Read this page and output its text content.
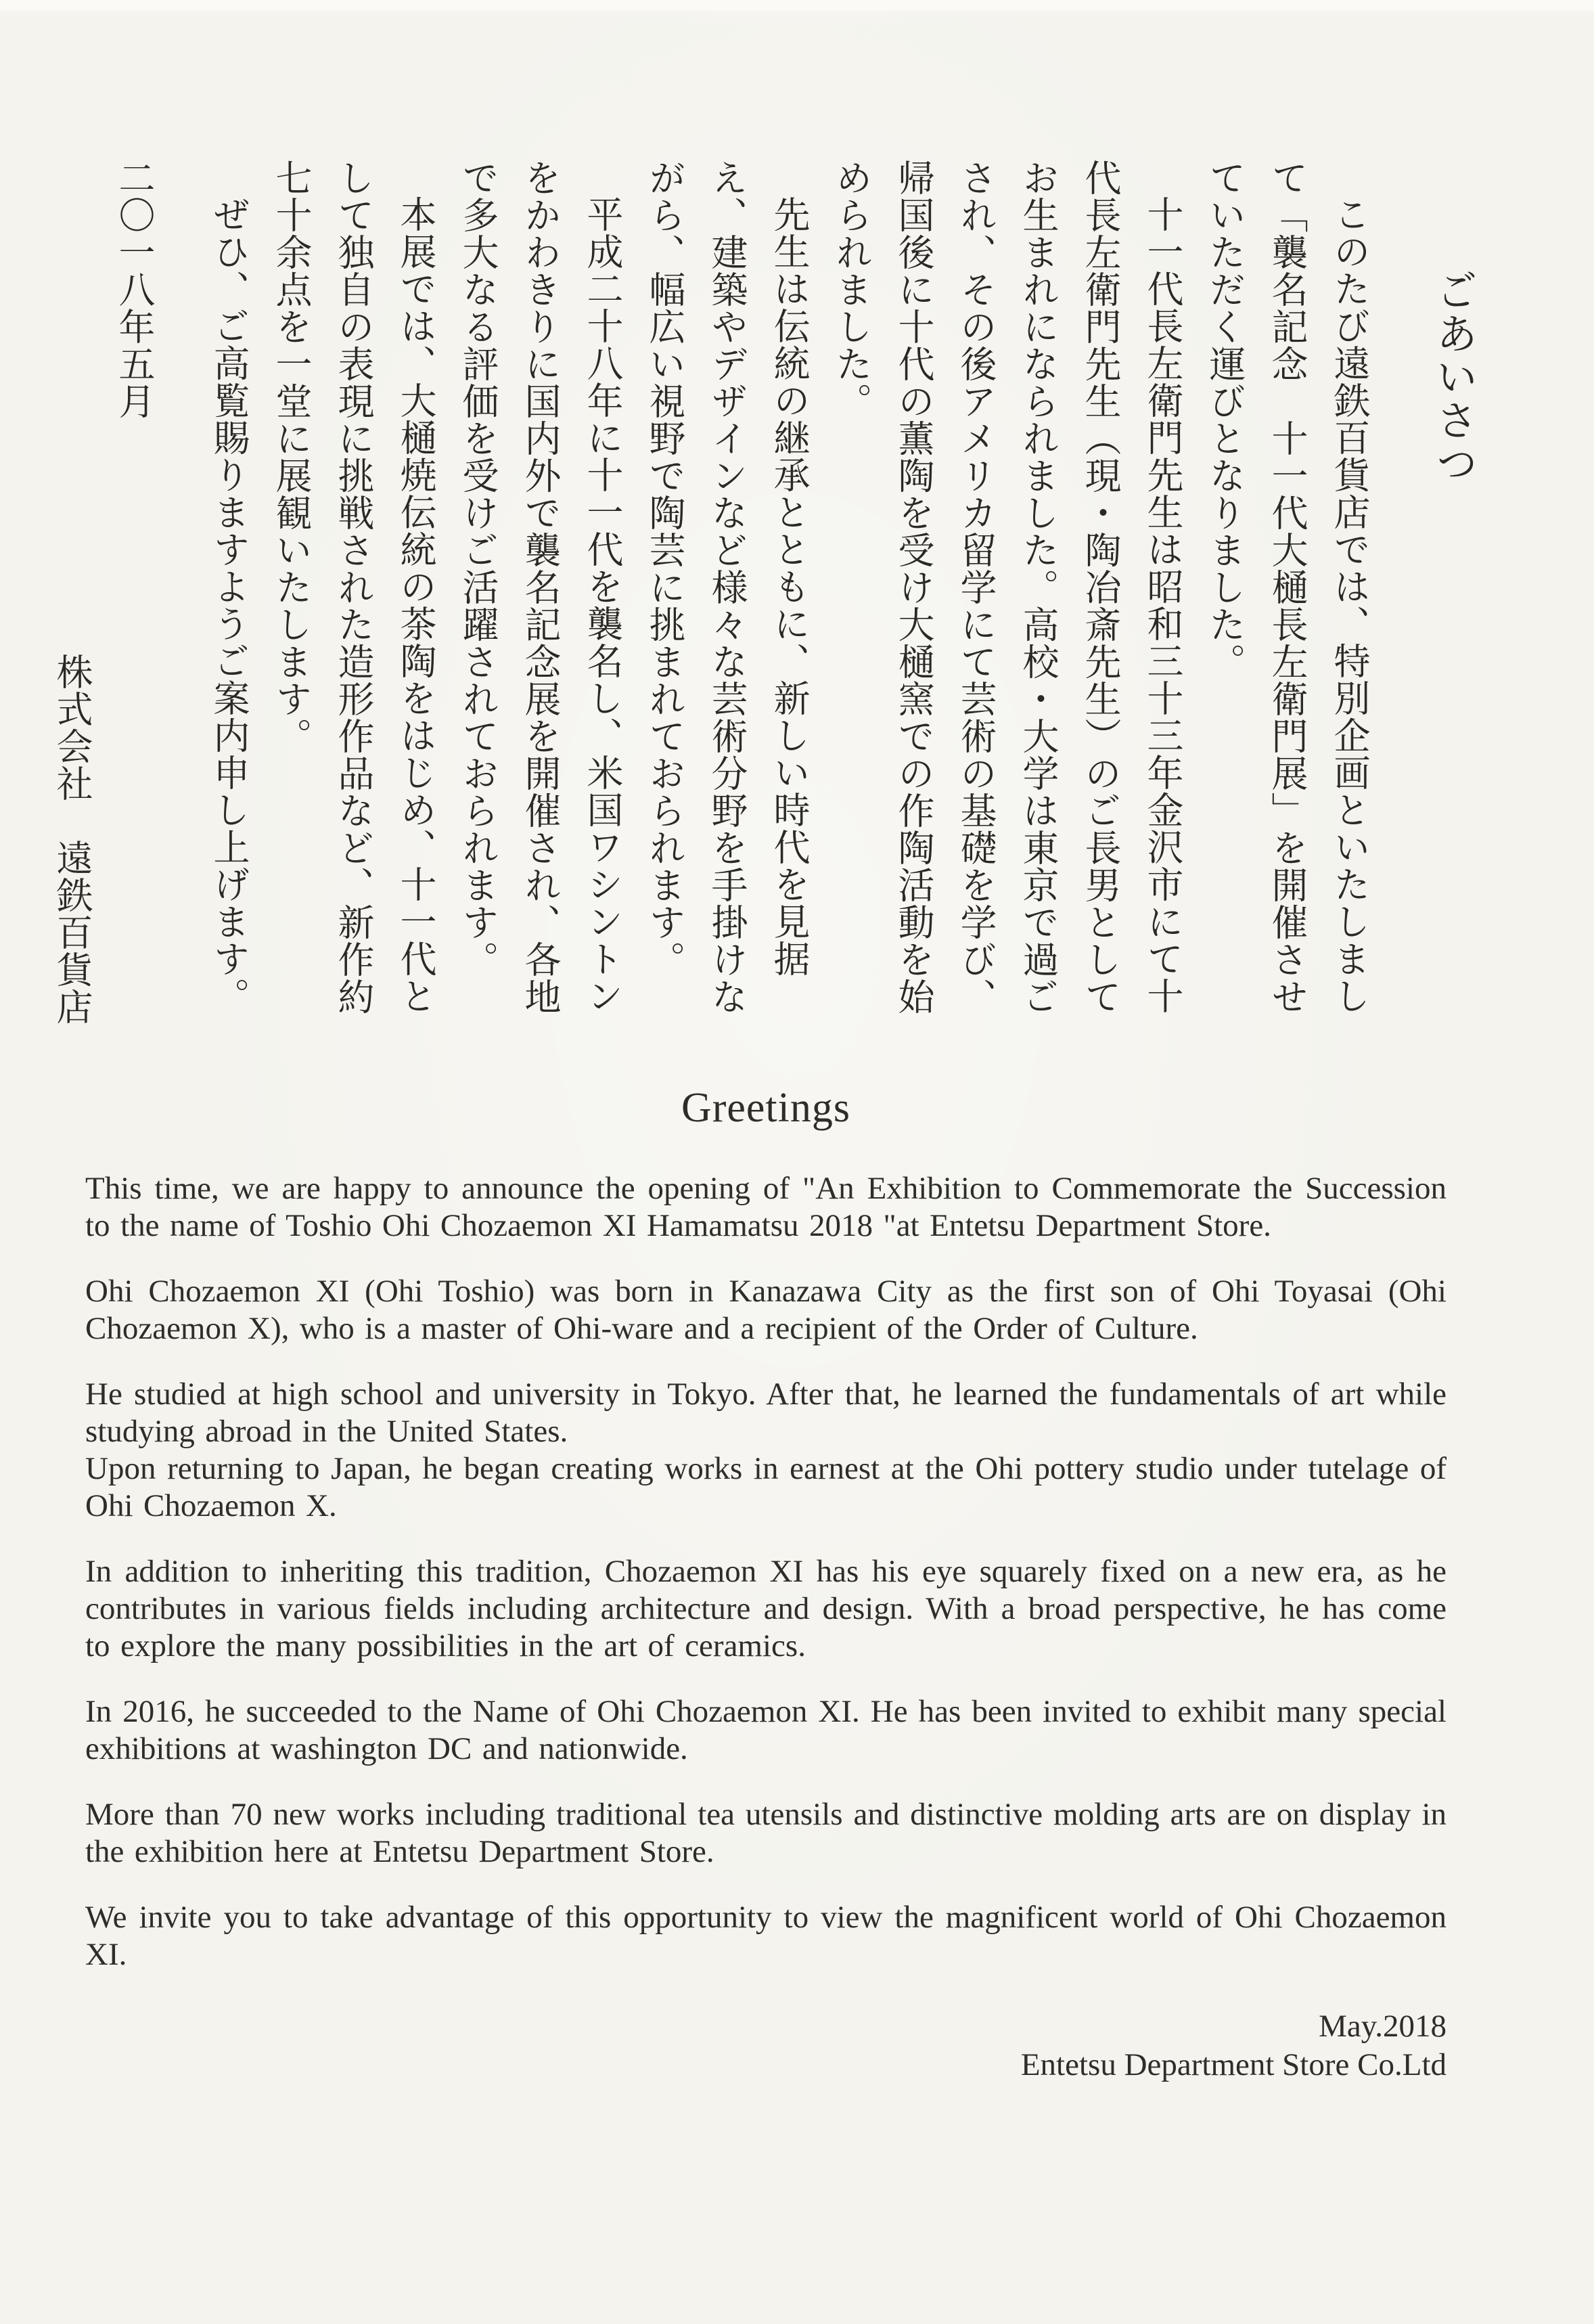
ごあいさつ

このたび遠鉄百貨店では、特別企画といたしまして「襲名記念　十一代大樋長左衛門展」を開催させていただく運びとなりました。

十一代長左衛門先生は昭和三十三年金沢市にて十代長左衛門先生（現・陶冶斎先生）のご長男としてお生まれになられました。高校・大学は東京で過ごされ、その後アメリカ留学にて芸術の基礎を学び、帰国後に十代の薫陶を受け大樋窯での作陶活動を始められました。

先生は伝統の継承とともに、新しい時代を見据え、建築やデザインなど様々な芸術分野を手掛けながら、幅広い視野で陶芸に挑まれておられます。

平成二十八年に十一代を襲名し、米国ワシントンをかわきりに国内外で襲名記念展を開催され、各地で多大なる評価を受けご活躍されておられます。

本展では、大樋焼伝統の茶陶をはじめ、十一代として独自の表現に挑戦された造形作品など、新作約七十余点を一堂に展観いたします。

ぜひ、ご高覧賜りますようご案内申し上げます。

二〇一八年五月

株式会社　遠鉄百貨店

Greetings

This time, we are happy to announce the opening of "An Exhibition to Commemorate the Succession to the name of Toshio Ohi Chozaemon XI Hamamatsu 2018 "at Entetsu Department Store.

Ohi Chozaemon XI (Ohi Toshio) was born in Kanazawa City as the first son of Ohi Toyasai (Ohi Chozaemon X), who is a master of Ohi-ware and a recipient of the Order of Culture.

He studied at high school and university in Tokyo. After that, he learned the fundamentals of art while studying abroad in the United States.
Upon returning to Japan, he began creating works in earnest at the Ohi pottery studio under tutelage of Ohi Chozaemon X.

In addition to inheriting this tradition, Chozaemon XI has his eye squarely fixed on a new era, as he contributes in various fields including architecture and design. With a broad perspective, he has come to explore the many possibilities in the art of ceramics.

In 2016, he succeeded to the Name of Ohi Chozaemon XI. He has been invited to exhibit many special exhibitions at washington DC and nationwide.

More than 70 new works including traditional tea utensils and distinctive molding arts are on display in the exhibition here at Entetsu Department Store.

We invite you to take advantage of this opportunity to view the magnificent world of Ohi Chozaemon XI.

May.2018

Entetsu Department Store Co.Ltd
